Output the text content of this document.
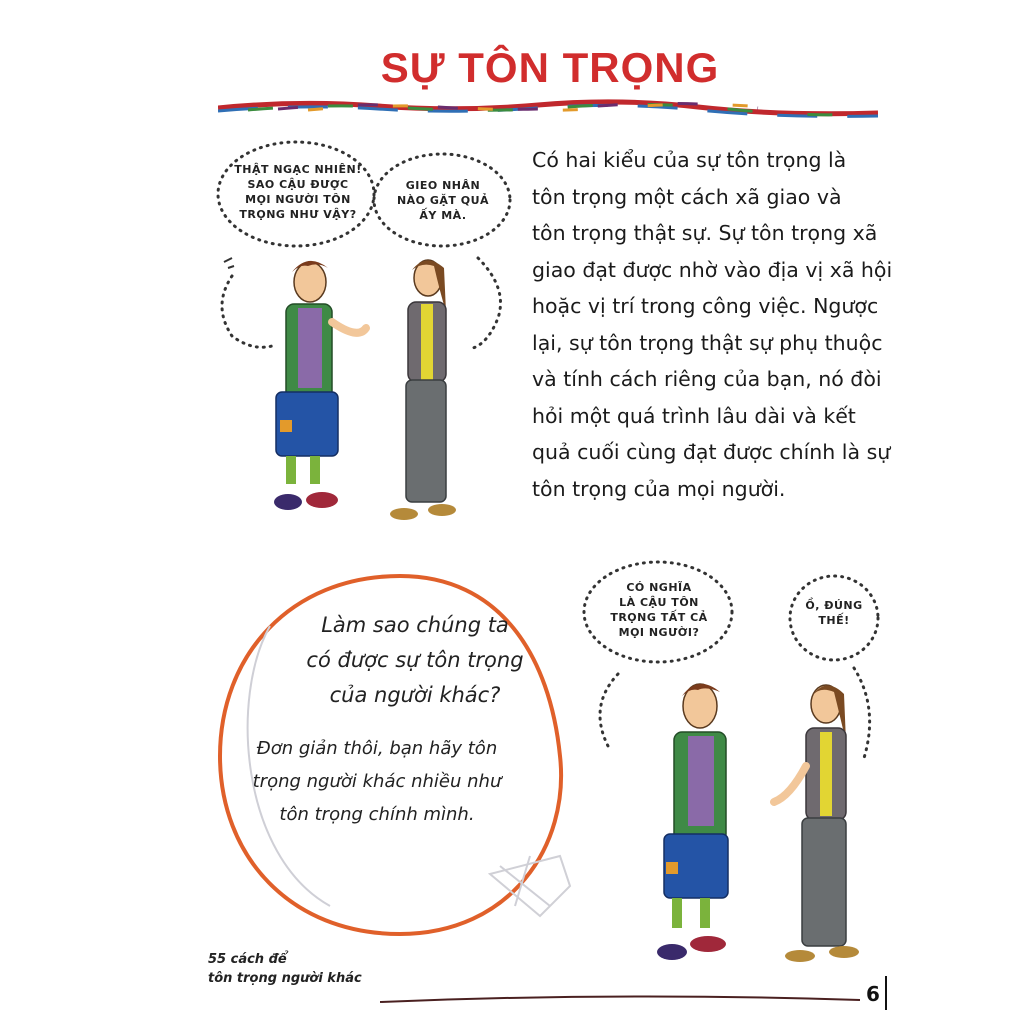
SỰ TÔN TRỌNG

Có hai kiểu của sự tôn trọng là

tôn trọng một cách xã giao và

tôn trọng thật sự. Sự tôn trọng xã

giao đạt được nhờ vào địa vị xã hội

hoặc vị trí trong công việc. Ngược

lại, sự tôn trọng thật sự phụ thuộc

và tính cách riêng của bạn, nó đòi

hỏi một quá trình lâu dài và kết

quả cuối cùng đạt được chính là sự

tôn trọng của mọi người.

THẬT NGẠC NHIÊN!
SAO CẬU ĐƯỢC
MỌI NGƯỜI TÔN
TRỌNG NHƯ VẬY?
GIEO NHÂN
NÀO GẶT QUẢ
ẤY MÀ.

Làm sao chúng ta

có được sự tôn trọng

của người khác?

Đơn giản thôi, bạn hãy tôn

trọng người khác nhiều như

tôn trọng chính mình.

CÓ NGHĨA
LÀ CẬU TÔN
TRỌNG TẤT CẢ
MỌI NGƯỜI?
Ồ, ĐÚNG
THẾ!
55 cách để
tôn trọng người khác
6
